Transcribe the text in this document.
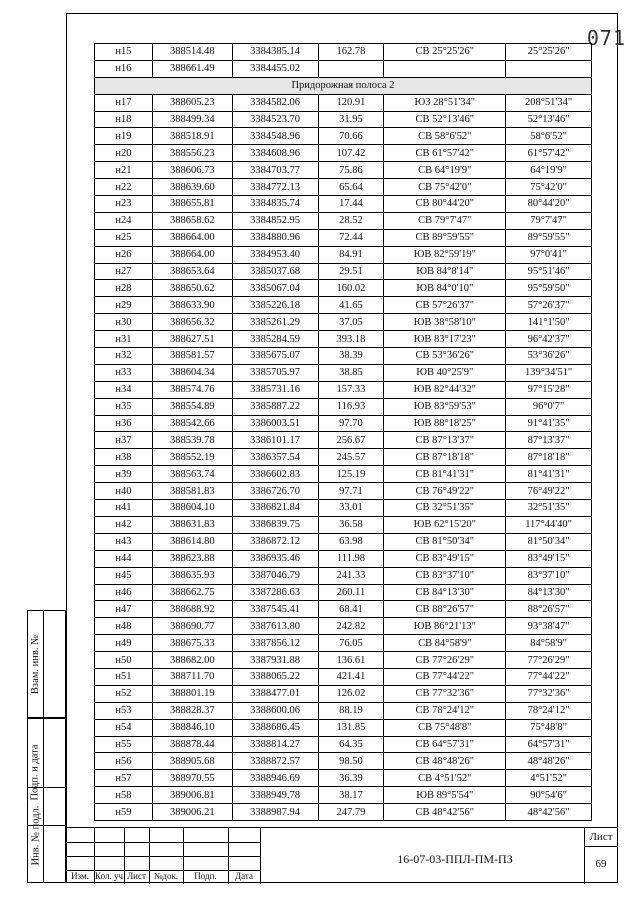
071
н15	388514.48	3384385.14	162.78	СВ 25°25'26"	25°25'26"
н16	388661.49	3384455.02			
Придорожная полоса 2					
н17	388605.23	3384582.06	120.91	ЮЗ 28°51'34"	208°51'34"
н18	388499.34	3384523.70	31.95	СВ 52°13'46"	52°13'46"
н19	388518.91	3384548.96	70.66	СВ 58°6'52"	58°6'52"
н20	388556.23	3384608.96	107.42	СВ 61°57'42"	61°57'42"
н21	388606.73	3384703.77	75.86	СВ 64°19'9"	64°19'9"
н22	388639.60	3384772.13	65.64	СВ 75°42'0"	75°42'0"
н23	388655.81	3384835.74	17.44	СВ 80°44'20"	80°44'20"
н24	388658.62	3384852.95	28.52	СВ 79°7'47"	79°7'47"
н25	388664.00	3384880.96	72.44	СВ 89°59'55"	89°59'55"
н26	388664.00	3384953.40	84.91	ЮВ 82°59'19"	97°0'41"
н27	388653.64	3385037.68	29.51	ЮВ 84°8'14"	95°51'46"
н28	388650.62	3385067.04	160.02	ЮВ 84°0'10"	95°59'50"
н29	388633.90	3385226.18	41.65	СВ 57°26'37"	57°26'37"
н30	388656.32	3385261.29	37.05	ЮВ 38°58'10"	141°1'50"
н31	388627.51	3385284.59	393.18	ЮВ 83°17'23"	96°42'37"
н32	388581.57	3385675.07	38.39	СВ 53°36'26"	53°36'26"
н33	388604.34	3385705.97	38.85	ЮВ 40°25'9"	139°34'51"
н34	388574.76	3385731.16	157.33	ЮВ 82°44'32"	97°15'28"
н35	388554.89	3385887.22	116.93	ЮВ 83°59'53"	96°0'7"
н36	388542.66	3386003.51	97.70	ЮВ 88°18'25"	91°41'35"
н37	388539.78	3386101.17	256.67	СВ 87°13'37"	87°13'37"
н38	388552.19	3386357.54	245.57	СВ 87°18'18"	87°18'18"
н39	388563.74	3386602.83	125.19	СВ 81°41'31"	81°41'31"
н40	388581.83	3386726.70	97.71	СВ 76°49'22"	76°49'22"
н41	388604.10	3386821.84	33.01	СВ 32°51'35"	32°51'35"
н42	388631.83	3386839.75	36.58	ЮВ 62°15'20"	117°44'40"
н43	388614.80	3386872.12	63.98	СВ 81°50'34"	81°50'34"
н44	388623.88	3386935.46	111.98	СВ 83°49'15"	83°49'15"
н45	388635.93	3387046.79	241.33	СВ 83°37'10"	83°37'10"
н46	388662.75	3387286.63	260.11	СВ 84°13'30"	84°13'30"
н47	388688.92	3387545.41	68.41	СВ 88°26'57"	88°26'57"
н48	388690.77	3387613.80	242.82	ЮВ 86°21'13"	93°38'47"
н49	388675.33	3387856.12	76.05	СВ 84°58'9"	84°58'9"
н50	388682.00	3387931.88	136.61	СВ 77°26'29"	77°26'29"
н51	388711.70	3388065.22	421.41	СВ 77°44'22"	77°44'22"
н52	388801.19	3388477.01	126.02	СВ 77°32'36"	77°32'36"
н53	388828.37	3388600.06	88.19	СВ 78°24'12"	78°24'12"
н54	388846.10	3388686.45	131.85	СВ 75°48'8"	75°48'8"
н55	388878.44	3388814.27	64.35	СВ 64°57'31"	64°57'31"
н56	388905.68	3388872.57	98.50	СВ 48°48'26"	48°48'26"
н57	388970.55	3388946.69	36.39	СВ 4°51'52"	4°51'52"
н58	389006.81	3388949.78	38.17	ЮВ 89°5'54"	90°54'6"
н59	389006.21	3388987.94	247.79	СВ 48°42'56"	48°42'56"
Взам. инв. №
Подп. и дата
Инв. № подл.
Изм. Кол. уч Лист №док.	Подп.	Дата
16-07-03-ППЛ-ПМ-ПЗ
Лист
69
